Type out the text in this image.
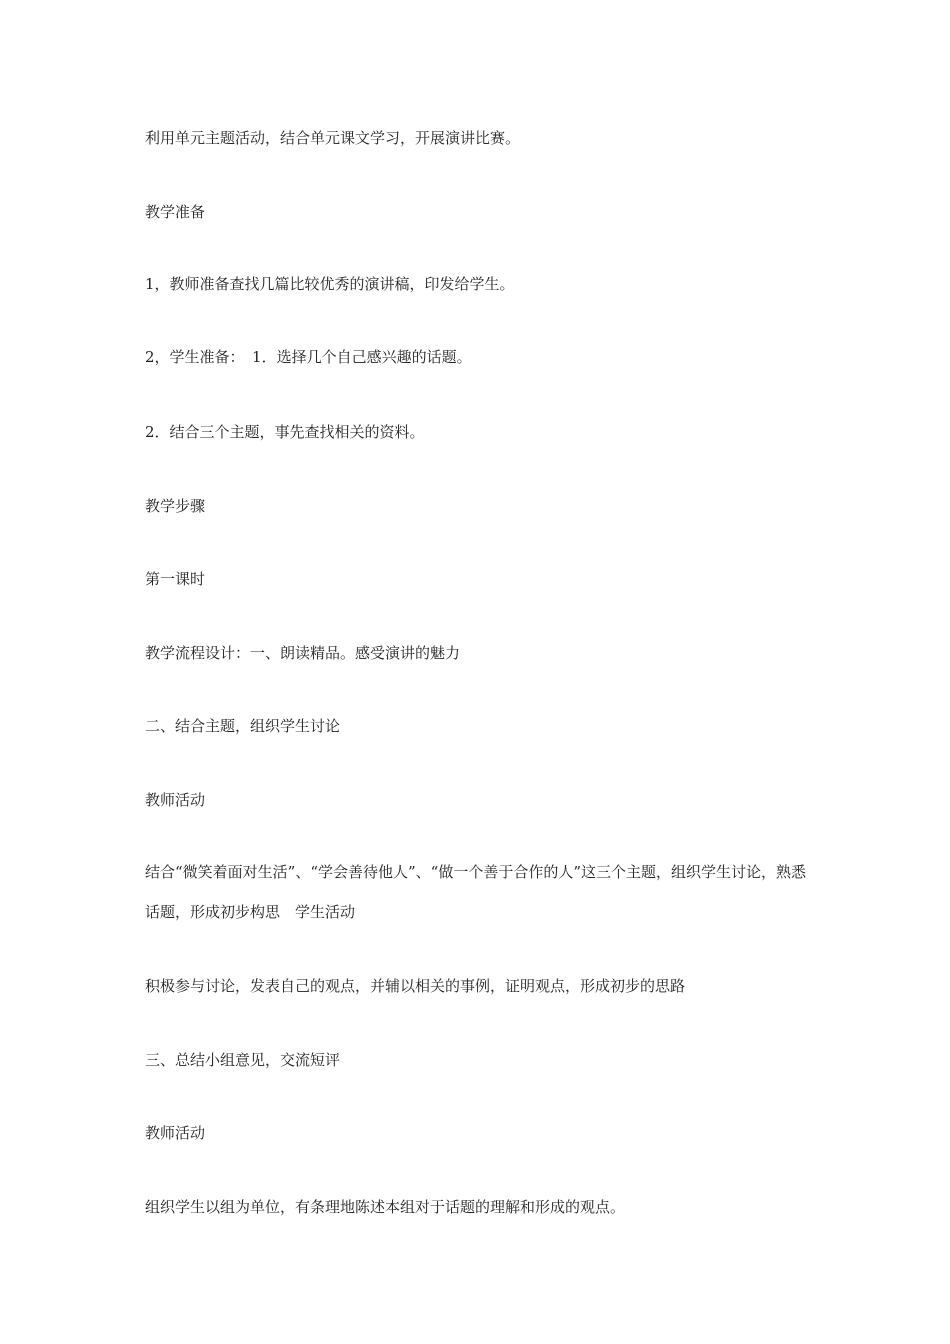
利用单元主题活动，结合单元课文学习，开展演讲比赛。
教学准备
1，教师准备查找几篇比较优秀的演讲稿，印发给学生。
2，学生准备：　1．选择几个自己感兴趣的话题。
2．结合三个主题，事先查找相关的资料。
教学步骤
第一课时
教学流程设计：一、朗读精品。感受演讲的魅力
二、结合主题，组织学生讨论
教师活动
结合“微笑着面对生活”、“学会善待他人”、“做一个善于合作的人”这三个主题，组织学生讨论，熟悉话题，形成初步构思　学生活动
积极参与讨论，发表自己的观点，并辅以相关的事例，证明观点，形成初步的思路
三、总结小组意见，交流短评
教师活动
组织学生以组为单位，有条理地陈述本组对于话题的理解和形成的观点。
